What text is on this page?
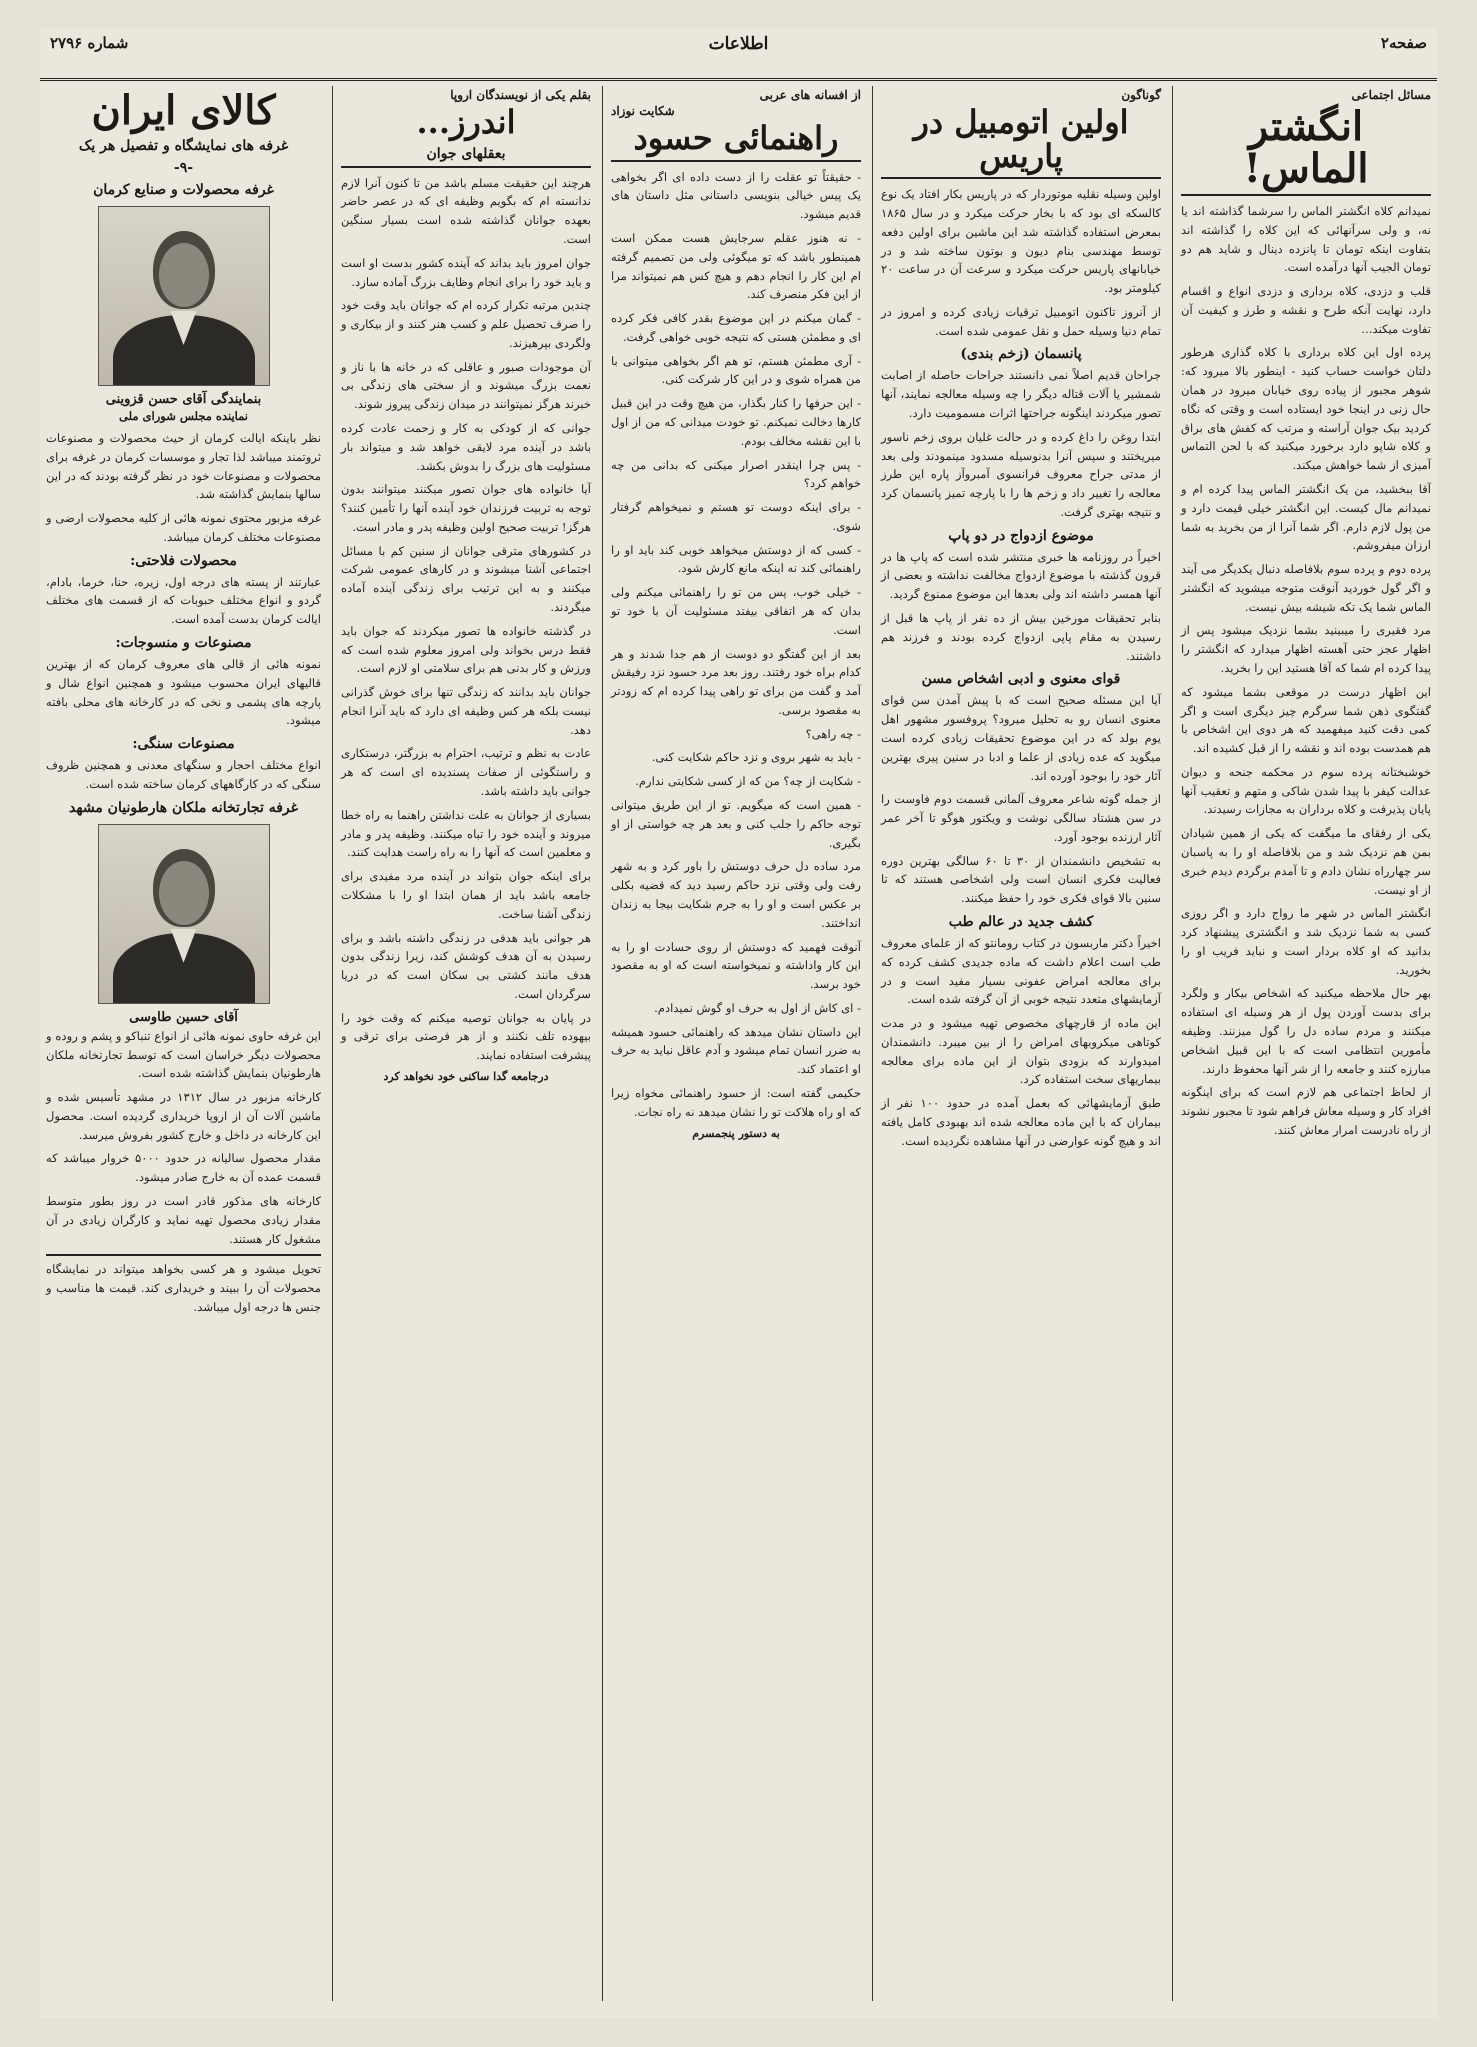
صفحه۲
اطلاعات
شماره ۲۷۹۶
مسائل اجتماعی
انگشتر الماس!

نمیدانم کلاه انگشتر الماس را سرشما گذاشته اند یا نه، و ولی سرآنهائی که این کلاه را گذاشته اند بتفاوت اینکه تومان تا پانزده دینال و شاید هم دو تومان الجیب آنها درآمده است.

قلب و دزدی، کلاه برداری و دزدی انواع و اقسام دارد، نهایت آنکه طرح و نقشه و طرز و کیفیت آن تفاوت میکند...

پرده اول این کلاه برداری با کلاه گذاری هرطور دلتان خواست حساب کنید - اینطور بالا میرود که: شوهر مجبور از پیاده روی خیابان میرود در همان حال زنی در اینجا خود ایستاده است و وقتی که نگاه کردید بیک جوان آراسته و مرتب که کفش های براق و کلاه شاپو دارد برخورد میکنید که با لحن التماس آمیزی از شما خواهش میکند.

آقا ببخشید، من یک انگشتر الماس پیدا کرده ام و نمیدانم مال کیست. این انگشتر خیلی قیمت دارد و من پول لازم دارم. اگر شما آنرا از من بخرید به شما ارزان میفروشم.

پرده دوم و پرده سوم بلافاصله دنبال یکدیگر می آیند و اگر گول خوردید آنوقت متوجه میشوید که انگشتر الماس شما یک تکه شیشه بیش نیست.

مرد فقیری را میبینید بشما نزدیک میشود پس از اظهار عجز حتی آهسته اظهار میدارد که انگشتر را پیدا کرده ام شما که آقا هستید این را بخرید.

این اظهار درست در موقعی بشما میشود که گفتگوی ذهن شما سرگرم چیز دیگری است و اگر کمی دقت کنید میفهمید که هر دوی این اشخاص با هم همدست بوده اند و نقشه را از قبل کشیده اند.

خوشبختانه پرده سوم در محکمه جنحه و دیوان عدالت کیفر با پیدا شدن شاکی و متهم و تعقیب آنها پایان پذیرفت و کلاه برداران به مجازات رسیدند.

یکی از رفقای ما میگفت که یکی از همین شیادان بمن هم نزدیک شد و من بلافاصله او را به پاسبان سر چهارراه نشان دادم و تا آمدم برگردم دیدم خبری از او نیست.

انگشتر الماس در شهر ما رواج دارد و اگر روزی کسی به شما نزدیک شد و انگشتری پیشنهاد کرد بدانید که او کلاه بردار است و نباید فریب او را بخورید.

بهر حال ملاحظه میکنید که اشخاص بیکار و ولگرد برای بدست آوردن پول از هر وسیله ای استفاده میکنند و مردم ساده دل را گول میزنند. وظیفه مأمورین انتظامی است که با این قبیل اشخاص مبارزه کنند و جامعه را از شر آنها محفوظ دارند.

از لحاظ اجتماعی هم لازم است که برای اینگونه افراد کار و وسیله معاش فراهم شود تا مجبور نشوند از راه نادرست امرار معاش کنند.

گوناگون
اولین اتومبیل در پاریس

اولین وسیله نقلیه موتوردار که در پاریس بکار افتاد یک نوع کالسکه ای بود که با بخار حرکت میکرد و در سال ۱۸۶۵ بمعرض استفاده گذاشته شد این ماشین برای اولین دفعه توسط مهندسی بنام دیون و بوتون ساخته شد و در خیابانهای پاریس حرکت میکرد و سرعت آن در ساعت ۲۰ کیلومتر بود.

از آنروز تاکنون اتومبیل ترقیات زیادی کرده و امروز در تمام دنیا وسیله حمل و نقل عمومی شده است.

پانسمان (زخم بندی)

جراحان قدیم اصلاً نمی دانستند جراحات حاصله از اصابت شمشیر یا آلات قتاله دیگر را چه وسیله معالجه نمایند، آنها تصور میکردند اینگونه جراحتها اثرات مسمومیت دارد.

ابتدا روغن را داغ کرده و در حالت غلیان بروی زخم ناسور میریختند و سپس آنرا بدنوسیله مسدود مینمودند ولی بعد از مدتی جراح معروف فرانسوی آمبروآز پاره این طرز معالجه را تغییر داد و زخم ها را با پارچه تمیز پانسمان کرد و نتیجه بهتری گرفت.

موضوع ازدواج در دو پاپ

اخیراً در روزنامه ها خبری منتشر شده است که پاپ ها در قرون گذشته با موضوع ازدواج مخالفت نداشته و بعضی از آنها همسر داشته اند ولی بعدها این موضوع ممنوع گردید.

بنابر تحقیقات مورخین بیش از ده نفر از پاپ ها قبل از رسیدن به مقام پاپی ازدواج کرده بودند و فرزند هم داشتند.

قوای معنوی و ادبی اشخاص مسن

آیا این مسئله صحیح است که با پیش آمدن سن قوای معنوی انسان رو به تحلیل میرود؟ پروفسور مشهور اهل یوم بولد که در این موضوع تحقیقات زیادی کرده است میگوید که عده زیادی از علما و ادبا در سنین پیری بهترین آثار خود را بوجود آورده اند.

از جمله گوته شاعر معروف آلمانی قسمت دوم فاوست را در سن هشتاد سالگی نوشت و ویکتور هوگو تا آخر عمر آثار ارزنده بوجود آورد.

به تشخیص دانشمندان از ۳۰ تا ۶۰ سالگی بهترین دوره فعالیت فکری انسان است ولی اشخاصی هستند که تا سنین بالا قوای فکری خود را حفظ میکنند.

کشف جدید در عالم طب

اخیراً دکتر ماربسون در کتاب رومانتو که از علمای معروف طب است اعلام داشت که ماده جدیدی کشف کرده که برای معالجه امراض عفونی بسیار مفید است و در آزمایشهای متعدد نتیجه خوبی از آن گرفته شده است.

این ماده از قارچهای مخصوص تهیه میشود و در مدت کوتاهی میکروبهای امراض را از بین میبرد. دانشمندان امیدوارند که بزودی بتوان از این ماده برای معالجه بیماریهای سخت استفاده کرد.

طبق آزمایشهائی که بعمل آمده در حدود ۱۰۰ نفر از بیماران که با این ماده معالجه شده اند بهبودی کامل یافته اند و هیچ گونه عوارضی در آنها مشاهده نگردیده است.

از افسانه های عربی
شکایت نوزاد
راهنمائی حسود

- حقیقتاً تو عقلت را از دست داده ای اگر بخواهی یک پیس خیالی بنویسی داستانی مثل داستان های قدیم میشود.

- نه هنوز عقلم سرجایش هست ممکن است همینطور باشد که تو میگوئی ولی من تصمیم گرفته ام این کار را انجام دهم و هیچ کس هم نمیتواند مرا از این فکر منصرف کند.

- گمان میکنم در این موضوع بقدر کافی فکر کرده ای و مطمئن هستی که نتیجه خوبی خواهی گرفت.

- آری مطمئن هستم، تو هم اگر بخواهی میتوانی با من همراه شوی و در این کار شرکت کنی.

- این حرفها را کنار بگذار، من هیچ وقت در این قبیل کارها دخالت نمیکنم. تو خودت میدانی که من از اول با این نقشه مخالف بودم.

- پس چرا اینقدر اصرار میکنی که بدانی من چه خواهم کرد؟

- برای اینکه دوست تو هستم و نمیخواهم گرفتار شوی.

- کسی که از دوستش میخواهد خوبی کند باید او را راهنمائی کند نه اینکه مانع کارش شود.

- خیلی خوب، پس من تو را راهنمائی میکنم ولی بدان که هر اتفاقی بیفتد مسئولیت آن با خود تو است.

بعد از این گفتگو دو دوست از هم جدا شدند و هر کدام براه خود رفتند. روز بعد مرد حسود نزد رفیقش آمد و گفت من برای تو راهی پیدا کرده ام که زودتر به مقصود برسی.

- چه راهی؟

- باید به شهر بروی و نزد حاکم شکایت کنی.

- شکایت از چه؟ من که از کسی شکایتی ندارم.

- همین است که میگویم. تو از این طریق میتوانی توجه حاکم را جلب کنی و بعد هر چه خواستی از او بگیری.

مرد ساده دل حرف دوستش را باور کرد و به شهر رفت ولی وقتی نزد حاکم رسید دید که قضیه بکلی بر عکس است و او را به جرم شکایت بیجا به زندان انداختند.

آنوقت فهمید که دوستش از روی حسادت او را به این کار واداشته و نمیخواسته است که او به مقصود خود برسد.

- ای کاش از اول به حرف او گوش نمیدادم.

این داستان نشان میدهد که راهنمائی حسود همیشه به ضرر انسان تمام میشود و آدم عاقل نباید به حرف او اعتماد کند.

حکیمی گفته است: از حسود راهنمائی مخواه زیرا که او راه هلاکت تو را نشان میدهد نه راه نجات.

به دستور پنجمسرم
بقلم یکی از نویسندگان اروپا
اندرز...
بعقلهای جوان

هرچند این حقیقت مسلم باشد من تا کنون آنرا لازم ندانسته ام که بگویم وظیفه ای که در عصر حاضر بعهده جوانان گذاشته شده است بسیار سنگین است.

جوان امروز باید بداند که آینده کشور بدست او است و باید خود را برای انجام وظایف بزرگ آماده سازد.

چندین مرتبه تکرار کرده ام که جوانان باید وقت خود را صرف تحصیل علم و کسب هنر کنند و از بیکاری و ولگردی بپرهیزند.

آن موجودات صبور و عاقلی که در خانه ها با ناز و نعمت بزرگ میشوند و از سختی های زندگی بی خبرند هرگز نمیتوانند در میدان زندگی پیروز شوند.

جوانی که از کودکی به کار و زحمت عادت کرده باشد در آینده مرد لایقی خواهد شد و میتواند بار مسئولیت های بزرگ را بدوش بکشد.

آیا خانواده های جوان تصور میکنند میتوانند بدون توجه به تربیت فرزندان خود آینده آنها را تأمین کنند؟ هرگز! تربیت صحیح اولین وظیفه پدر و مادر است.

در کشورهای مترقی جوانان از سنین کم با مسائل اجتماعی آشنا میشوند و در کارهای عمومی شرکت میکنند و به این ترتیب برای زندگی آینده آماده میگردند.

در گذشته خانواده ها تصور میکردند که جوان باید فقط درس بخواند ولی امروز معلوم شده است که ورزش و کار بدنی هم برای سلامتی او لازم است.

جوانان باید بدانند که زندگی تنها برای خوش گذرانی نیست بلکه هر کس وظیفه ای دارد که باید آنرا انجام دهد.

عادت به نظم و ترتیب، احترام به بزرگتر، درستکاری و راستگوئی از صفات پسندیده ای است که هر جوانی باید داشته باشد.

بسیاری از جوانان به علت نداشتن راهنما به راه خطا میروند و آینده خود را تباه میکنند. وظیفه پدر و مادر و معلمین است که آنها را به راه راست هدایت کنند.

برای اینکه جوان بتواند در آینده مرد مفیدی برای جامعه باشد باید از همان ابتدا او را با مشکلات زندگی آشنا ساخت.

هر جوانی باید هدفی در زندگی داشته باشد و برای رسیدن به آن هدف کوشش کند، زیرا زندگی بدون هدف مانند کشتی بی سکان است که در دریا سرگردان است.

در پایان به جوانان توصیه میکنم که وقت خود را بیهوده تلف نکنند و از هر فرصتی برای ترقی و پیشرفت استفاده نمایند.

درجامعه گدا ساکنی خود نخواهد کرد
کالای ایران
غرفه های نمایشگاه و تفصیل هر یک
-۹-
غرفه محصولات و صنایع کرمان
بنمایندگی آقای حسن قزوینی
نماینده مجلس شورای ملی

نظر باینکه ایالت کرمان از حیث محصولات و مصنوعات ثروتمند میباشد لذا تجار و موسسات کرمان در غرفه برای محصولات و مصنوعات خود در نظر گرفته بودند که در این سالها بنمایش گذاشته شد.

غرفه مزبور محتوی نمونه هائی از کلیه محصولات ارضی و مصنوعات مختلف کرمان میباشد.

محصولات فلاحتی:

عبارتند از پسته های درجه اول، زیره، حنا، خرما، بادام، گردو و انواع مختلف حبوبات که از قسمت های مختلف ایالت کرمان بدست آمده است.

مصنوعات و منسوجات:

نمونه هائی از قالی های معروف کرمان که از بهترین قالیهای ایران محسوب میشود و همچنین انواع شال و پارچه های پشمی و نخی که در کارخانه های محلی بافته میشود.

مصنوعات سنگی:

انواع مختلف احجار و سنگهای معدنی و همچنین ظروف سنگی که در کارگاههای کرمان ساخته شده است.

غرفه تجارتخانه ملکان هارطونیان مشهد
آقای حسین طاوسی

این غرفه حاوی نمونه هائی از انواع تنباکو و پشم و روده و محصولات دیگر خراسان است که توسط تجارتخانه ملکان هارطونیان بنمایش گذاشته شده است.

کارخانه مزبور در سال ۱۳۱۲ در مشهد تأسیس شده و ماشین آلات آن از اروپا خریداری گردیده است. محصول این کارخانه در داخل و خارج کشور بفروش میرسد.

مقدار محصول سالیانه در حدود ۵۰۰۰ خروار میباشد که قسمت عمده آن به خارج صادر میشود.

کارخانه های مذکور قادر است در روز بطور متوسط مقدار زیادی محصول تهیه نماید و کارگران زیادی در آن مشغول کار هستند.

تحویل میشود و هر کسی بخواهد میتواند در نمایشگاه محصولات آن را ببیند و خریداری کند. قیمت ها مناسب و جنس ها درجه اول میباشد.
